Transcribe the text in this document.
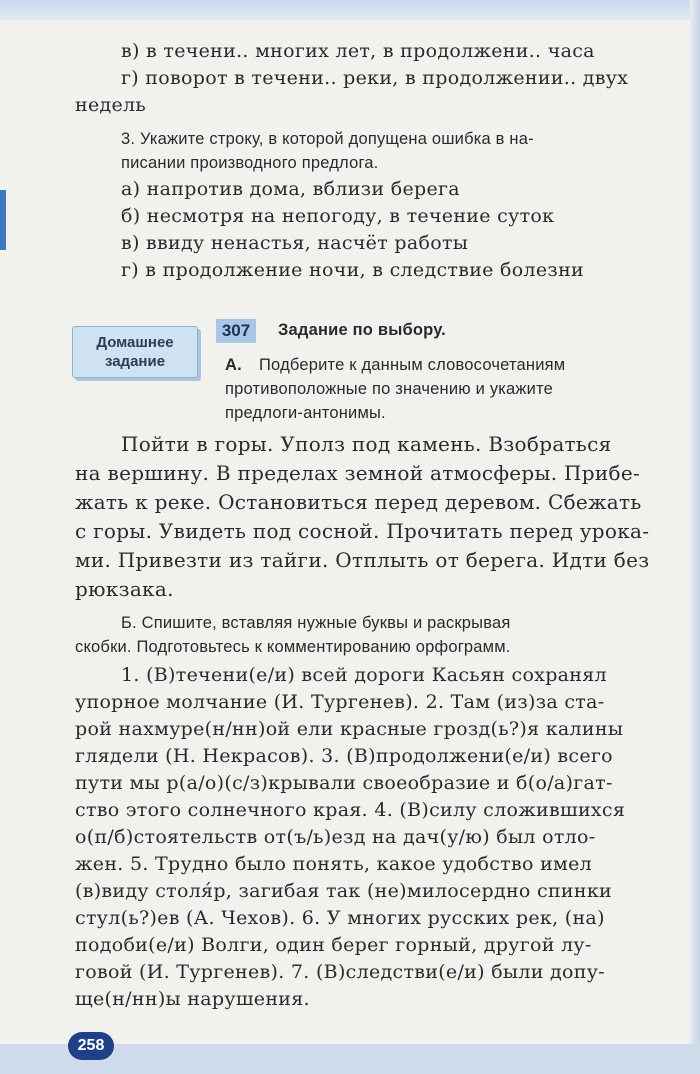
в) в течени.. многих лет, в продолжени.. часа
г) поворот в течени.. реки, в продолжении.. двух
недель
3. Укажите строку, в которой допущена ошибка в на-
писании производного предлога.
а) напротив дома, вблизи берега
б) несмотря на непогоду, в течение суток
в) ввиду ненастья, насчёт работы
г) в продолжение ночи, в следствие болезни
Домашнее
задание
307	Задание по выбору.
А. Подберите к данным словосочетаниям
противоположные по значению и укажите
предлоги-антонимы.
Пойти в горы. Уполз под камень. Взобраться
на вершину. В пределах земной атмосферы. Прибе-
жать к реке. Остановиться перед деревом. Сбежать
с горы. Увидеть под сосной. Прочитать перед урока-
ми. Привезти из тайги. Отплыть от берега. Идти без
рюкзака.
Б. Спишите, вставляя нужные буквы и раскрывая
скобки. Подготовьтесь к комментированию орфограмм.
1. (В)течени(е/и) всей дороги Касьян сохранял
упорное молчание (И. Тургенев). 2. Там (из)за ста-
рой нахмуре(н/нн)ой ели красные грозд(ь?)я калины
глядели (Н. Некрасов). 3. (В)продолжени(е/и) всего
пути мы р(а/о)(с/з)крывали своеобразие и б(о/а)гат-
ство этого солнечного края. 4. (В)силу сложившихся
о(п/б)стоятельств от(ъ/ь)езд на дач(у/ю) был отло-
жен. 5. Трудно было понять, какое удобство имел
(в)виду столя́р, загибая так (не)милосердно спинки
стул(ь?)ев (А. Чехов). 6. У многих русских рек, (на)
подоби(е/и) Волги, один берег горный, другой лу-
говой (И. Тургенев). 7. (В)следстви(е/и) были допу-
ще(н/нн)ы нарушения.
258
